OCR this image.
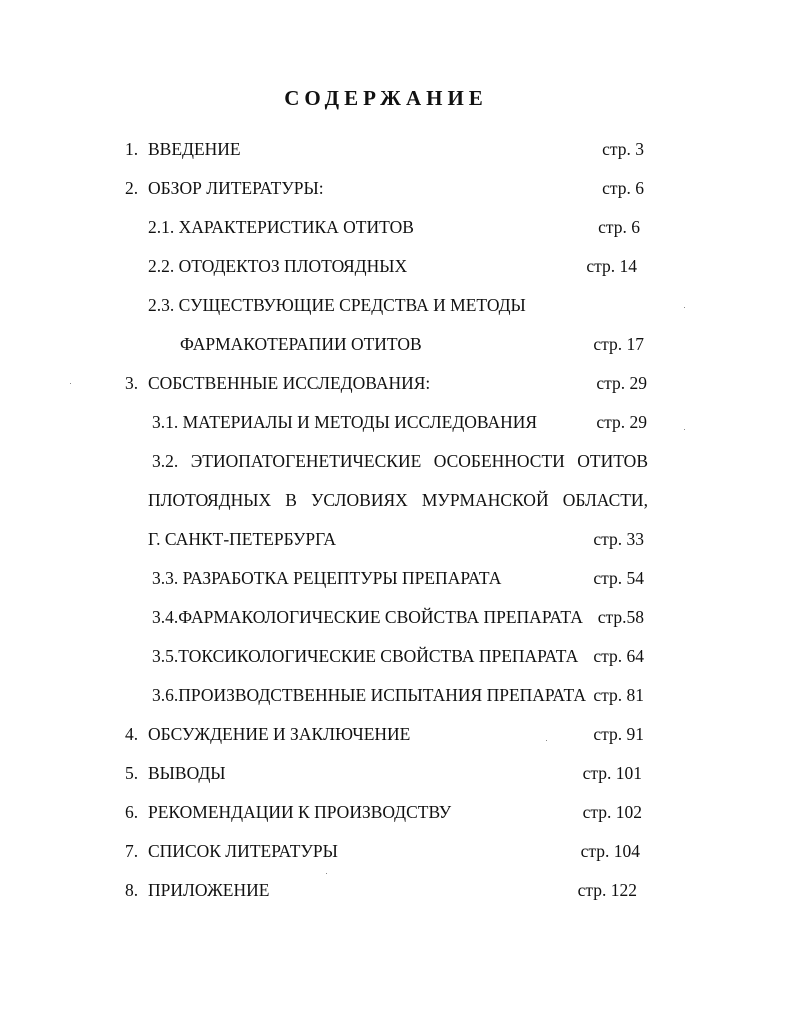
СОДЕРЖАНИЕ
1. ВВЕДЕНИЕ	стр. 3
2. ОБЗОР ЛИТЕРАТУРЫ:	стр. 6
2.1. ХАРАКТЕРИСТИКА ОТИТОВ	стр. 6
2.2. ОТОДЕКТОЗ ПЛОТОЯДНЫХ	стр. 14
2.3. СУЩЕСТВУЮЩИЕ СРЕДСТВА И МЕТОДЫ
ФАРМАКОТЕРАПИИ ОТИТОВ	стр. 17
3. СОБСТВЕННЫЕ ИССЛЕДОВАНИЯ:	стр. 29
3.1. МАТЕРИАЛЫ И МЕТОДЫ ИССЛЕДОВАНИЯ	стр. 29
3.2. ЭТИОПАТОГЕНЕТИЧЕСКИЕ ОСОБЕННОСТИ ОТИТОВ
ПЛОТОЯДНЫХ В УСЛОВИЯХ МУРМАНСКОЙ ОБЛАСТИ,
Г. САНКТ-ПЕТЕРБУРГА	стр. 33
3.3. РАЗРАБОТКА РЕЦЕПТУРЫ ПРЕПАРАТА	стр. 54
3.4.ФАРМАКОЛОГИЧЕСКИЕ СВОЙСТВА ПРЕПАРАТА стр.58
3.5.ТОКСИКОЛОГИЧЕСКИЕ СВОЙСТВА ПРЕПАРАТА стр. 64
3.6.ПРОИЗВОДСТВЕННЫЕ ИСПЫТАНИЯ ПРЕПАРАТА стр. 81
4. ОБСУЖДЕНИЕ И ЗАКЛЮЧЕНИЕ	стр. 91
5. ВЫВОДЫ	стр. 101
6. РЕКОМЕНДАЦИИ К ПРОИЗВОДСТВУ	стр. 102
7. СПИСОК ЛИТЕРАТУРЫ	стр. 104
8. ПРИЛОЖЕНИЕ	стр. 122
